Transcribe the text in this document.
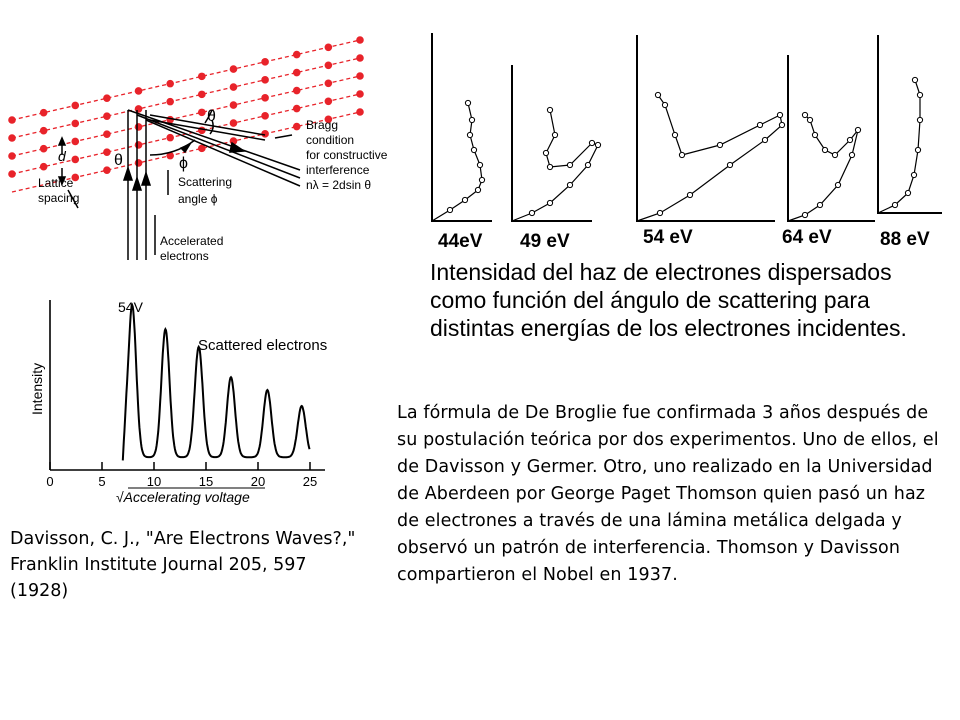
θ
θ	ϕ
d
Bragg
condition
for constructive
interference
nλ = 2dsin θ
Lattice
spacing
Scattering
angle ϕ
Accelerated
electrons
44eV 49 eV	54 eV	64 eV	88 eV
Intensidad del haz de electrones dispersados como función del ángulo de scattering para distintas energías de los electrones incidentes.
0	5	10	15	20	25
54V
Scattered electrons
Intensity
√Accelerating voltage
La fórmula de De Broglie fue confirmada 3 años después de su postulación teórica por dos experimentos. Uno de ellos, el de Davisson y Germer. Otro, uno realizado en la Universidad de Aberdeen por George Paget Thomson quien pasó un haz de electrones a través de una lámina metálica delgada y observó un patrón de interferencia. Thomson y Davisson compartieron el Nobel en 1937.
Davisson, C. J., "Are Electrons Waves?," Franklin Institute Journal 205, 597 (1928)
